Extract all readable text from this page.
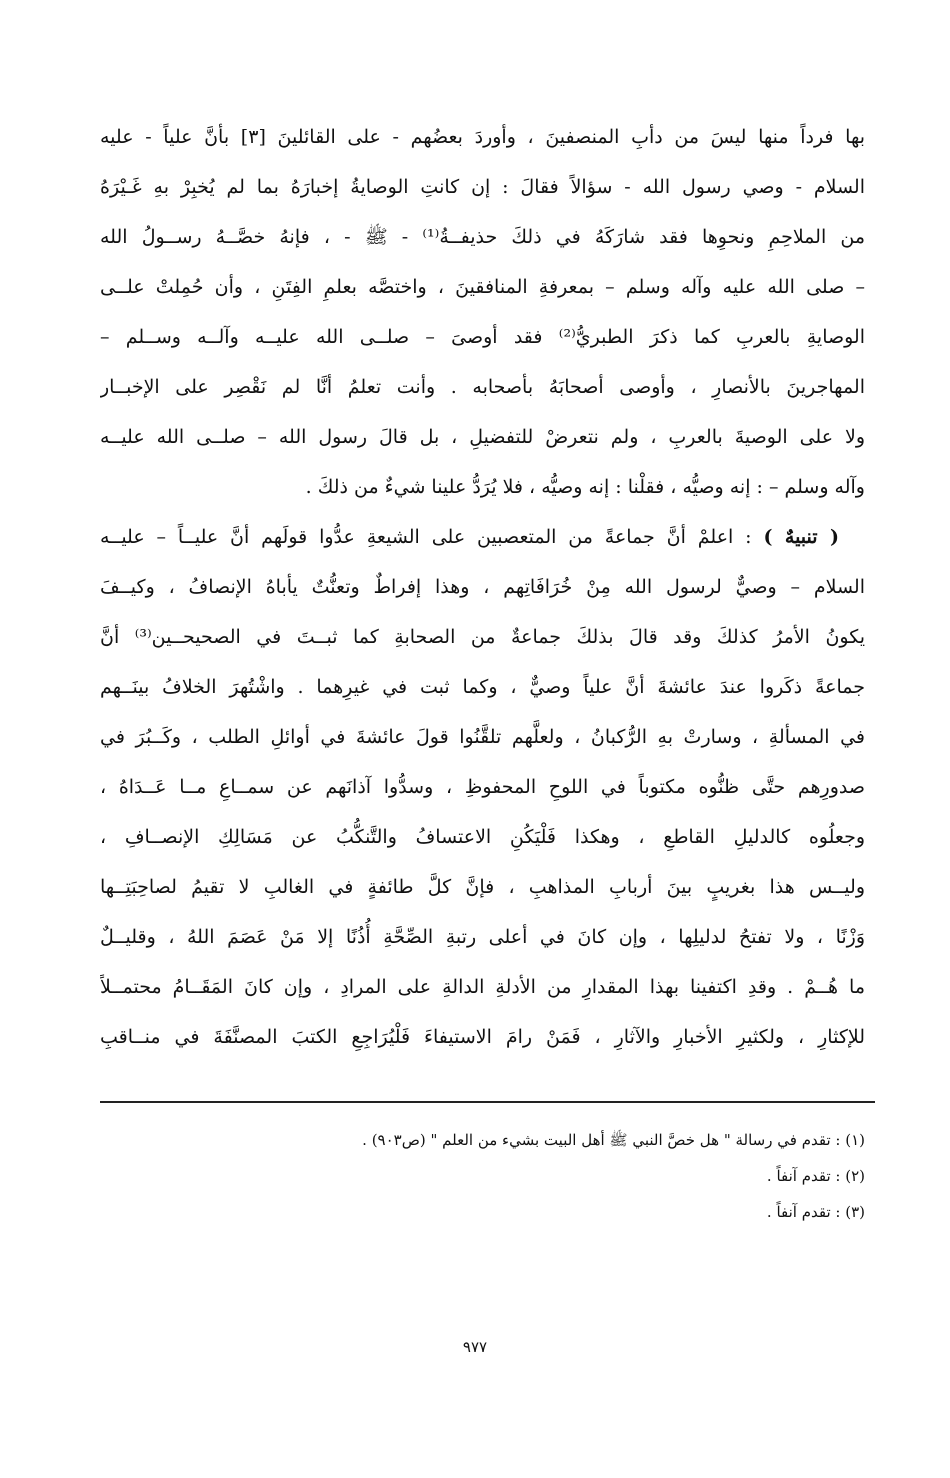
بها فرداً منها ليسَ من دأبِ المنصفينَ ، وأوردَ بعضُهم - على القائلينَ [٣] بأنَّ علياً - عليه
السلام - وصي رسول الله - سؤالاً فقالَ : إن كانتِ الوصايةُ إخبارَهُ بما لم يُخبِرْ بهِ غَـيْرَهُ
من الملاحِمِ ونحوِها فقد شارَكَهُ في ذلكَ حذيفــةُ⁽¹⁾ - ﷺ - ، فإنهُ خصَّــهُ رســولُ الله
– صلى الله عليه وآله وسلم – بمعرفةِ المنافقينَ ، واختصَّه بعلمِ الفِتَنِ ، وأن حُمِلتْ علــى
الوصايةِ بالعربِ كما ذكرَ الطبريُّ⁽²⁾ فقد أوصىَ – صلــى الله عليــه وآلــه وســلم –
المهاجرينَ بالأنصارِ ، وأوصى أصحابَهُ بأصحابه . وأنت تعلمُ أنَّا لم نَقْصِر على الإخبــار
ولا على الوصيةَ بالعربِ ، ولم نتعرضْ للتفضيلِ ، بل قالَ رسول الله – صلــى الله عليــه
وآله وسلم – : إنه وصيُّه ، فقلْنا : إنه وصيُّه ، فلا يُرَدُّ علينا شيءٌ من ذلكَ .
( تنبيهٌ ) : اعلمْ أنَّ جماعةً من المتعصبين على الشيعةِ عدُّوا قولَهم أنَّ عليــاً – عليــه
السلام – وصيٌّ لرسول الله مِنْ خُرَافَاتِهم ، وهذا إفراطٌ وتعنُّتٌ يأباهُ الإنصافُ ، وكيــفَ
يكونُ الأمرُ كذلكَ وقد قالَ بذلكَ جماعةٌ من الصحابةِ كما ثبــتَ في الصحيحــين⁽³⁾ أنَّ
جماعةً ذكَروا عندَ عائشةَ أنَّ علياً وصيٌّ ، وكما ثبت في غيرِهما . واشْتُهرَ الخلافُ بينَــهم
في المسألةِ ، وسارتْ بهِ الرُّكبانُ ، ولعلَّهم تلقَّنُوا قولَ عائشةَ في أوائلِ الطلب ، وكَــبُرَ في
صدورِهم حتَّى ظنُّوه مكتوباً في اللوحِ المحفوظِ ، وسدُّوا آذانَهم عن سمــاعِ مــا عَــدَاهُ ،
وجعلُوه كالدليلِ القاطعِ ، وهكذا فَلْيَكُنِ الاعتسافُ والتَّنكُّبُ عن مَسَالِكِ الإنصــافِ ،
وليــس هذا بغريبٍ بينَ أربابِ المذاهبِ ، فإنَّ كلَّ طائفةٍ في الغالبِ لا تقيمُ لصاحِبَتِــها
وَزْنًا ، ولا تفتحُ لدليلِها ، وإن كانَ في أعلى رتبةِ الصِّحَّةِ أُذُنًا إلا مَنْ عَصَمَ اللهُ ، وقليــلٌ
ما هُــمْ . وقدِ اكتفينا بهذا المقدارِ من الأدلةِ الدالةِ على المرادِ ، وإن كانَ المَقَــامُ محتمــلاً
للإكثارِ ، ولكثيرِ الأخبارِ والآثارِ ، فَمَنْ رامَ الاستيفاءَ فَلْيُرَاجِعِ الكتبَ المصنَّفَةَ في منــاقبِ
(١) : تقدم في رسالة " هل خصَّ النبي ﷺ أهل البيت بشيء من العلم " (ص٩٠٣) .
(٢) : تقدم آنفاً .
(٣) : تقدم آنفاً .
٩٧٧
